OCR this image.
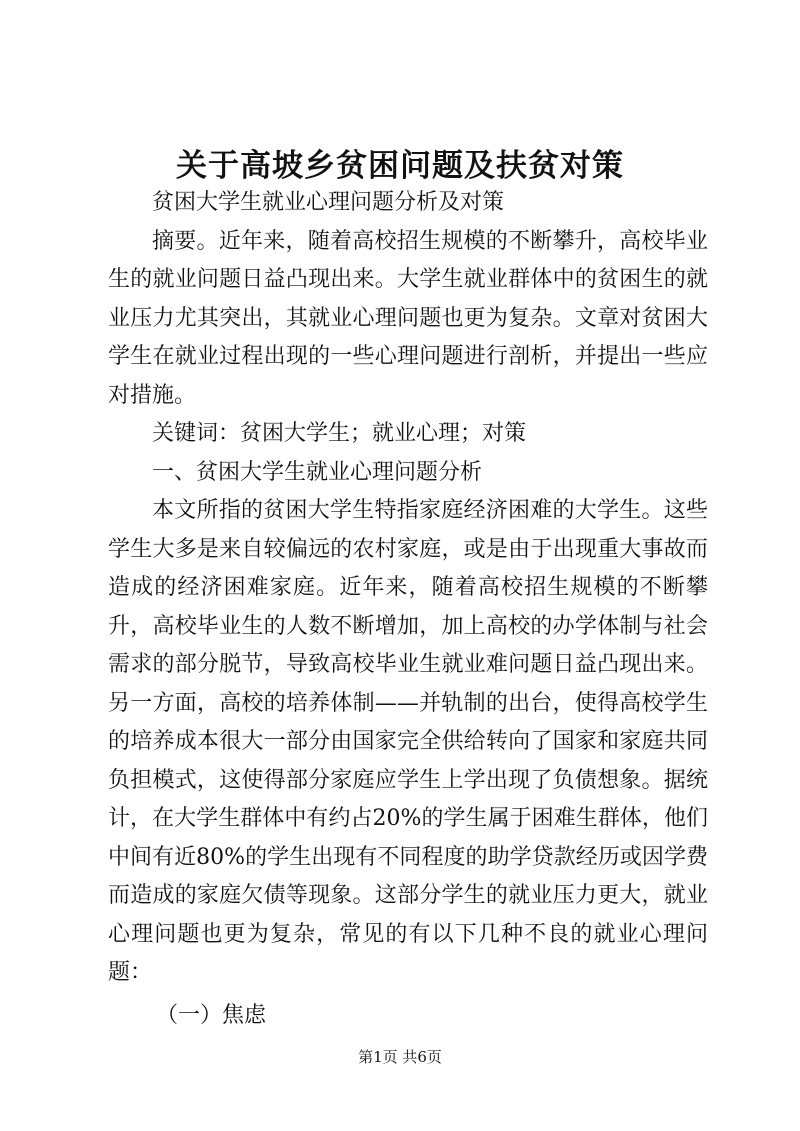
关于高坡乡贫困问题及扶贫对策

贫困大学生就业心理问题分析及对策

摘要。近年来，随着高校招生规模的不断攀升，高校毕业生的就业问题日益凸现出来。大学生就业群体中的贫困生的就业压力尤其突出，其就业心理问题也更为复杂。文章对贫困大学生在就业过程出现的一些心理问题进行剖析，并提出一些应对措施。

关键词：贫困大学生；就业心理；对策

一、贫困大学生就业心理问题分析

本文所指的贫困大学生特指家庭经济困难的大学生。这些学生大多是来自较偏远的农村家庭，或是由于出现重大事故而造成的经济困难家庭。近年来，随着高校招生规模的不断攀升，高校毕业生的人数不断增加，加上高校的办学体制与社会需求的部分脱节，导致高校毕业生就业难问题日益凸现出来。另一方面，高校的培养体制——并轨制的出台，使得高校学生的培养成本很大一部分由国家完全供给转向了国家和家庭共同负担模式，这使得部分家庭应学生上学出现了负债想象。据统计，在大学生群体中有约占20%的学生属于困难生群体，他们中间有近80%的学生出现有不同程度的助学贷款经历或因学费而造成的家庭欠债等现象。这部分学生的就业压力更大，就业心理问题也更为复杂，常见的有以下几种不良的就业心理问题：

（一）焦虑

第1页 共6页
